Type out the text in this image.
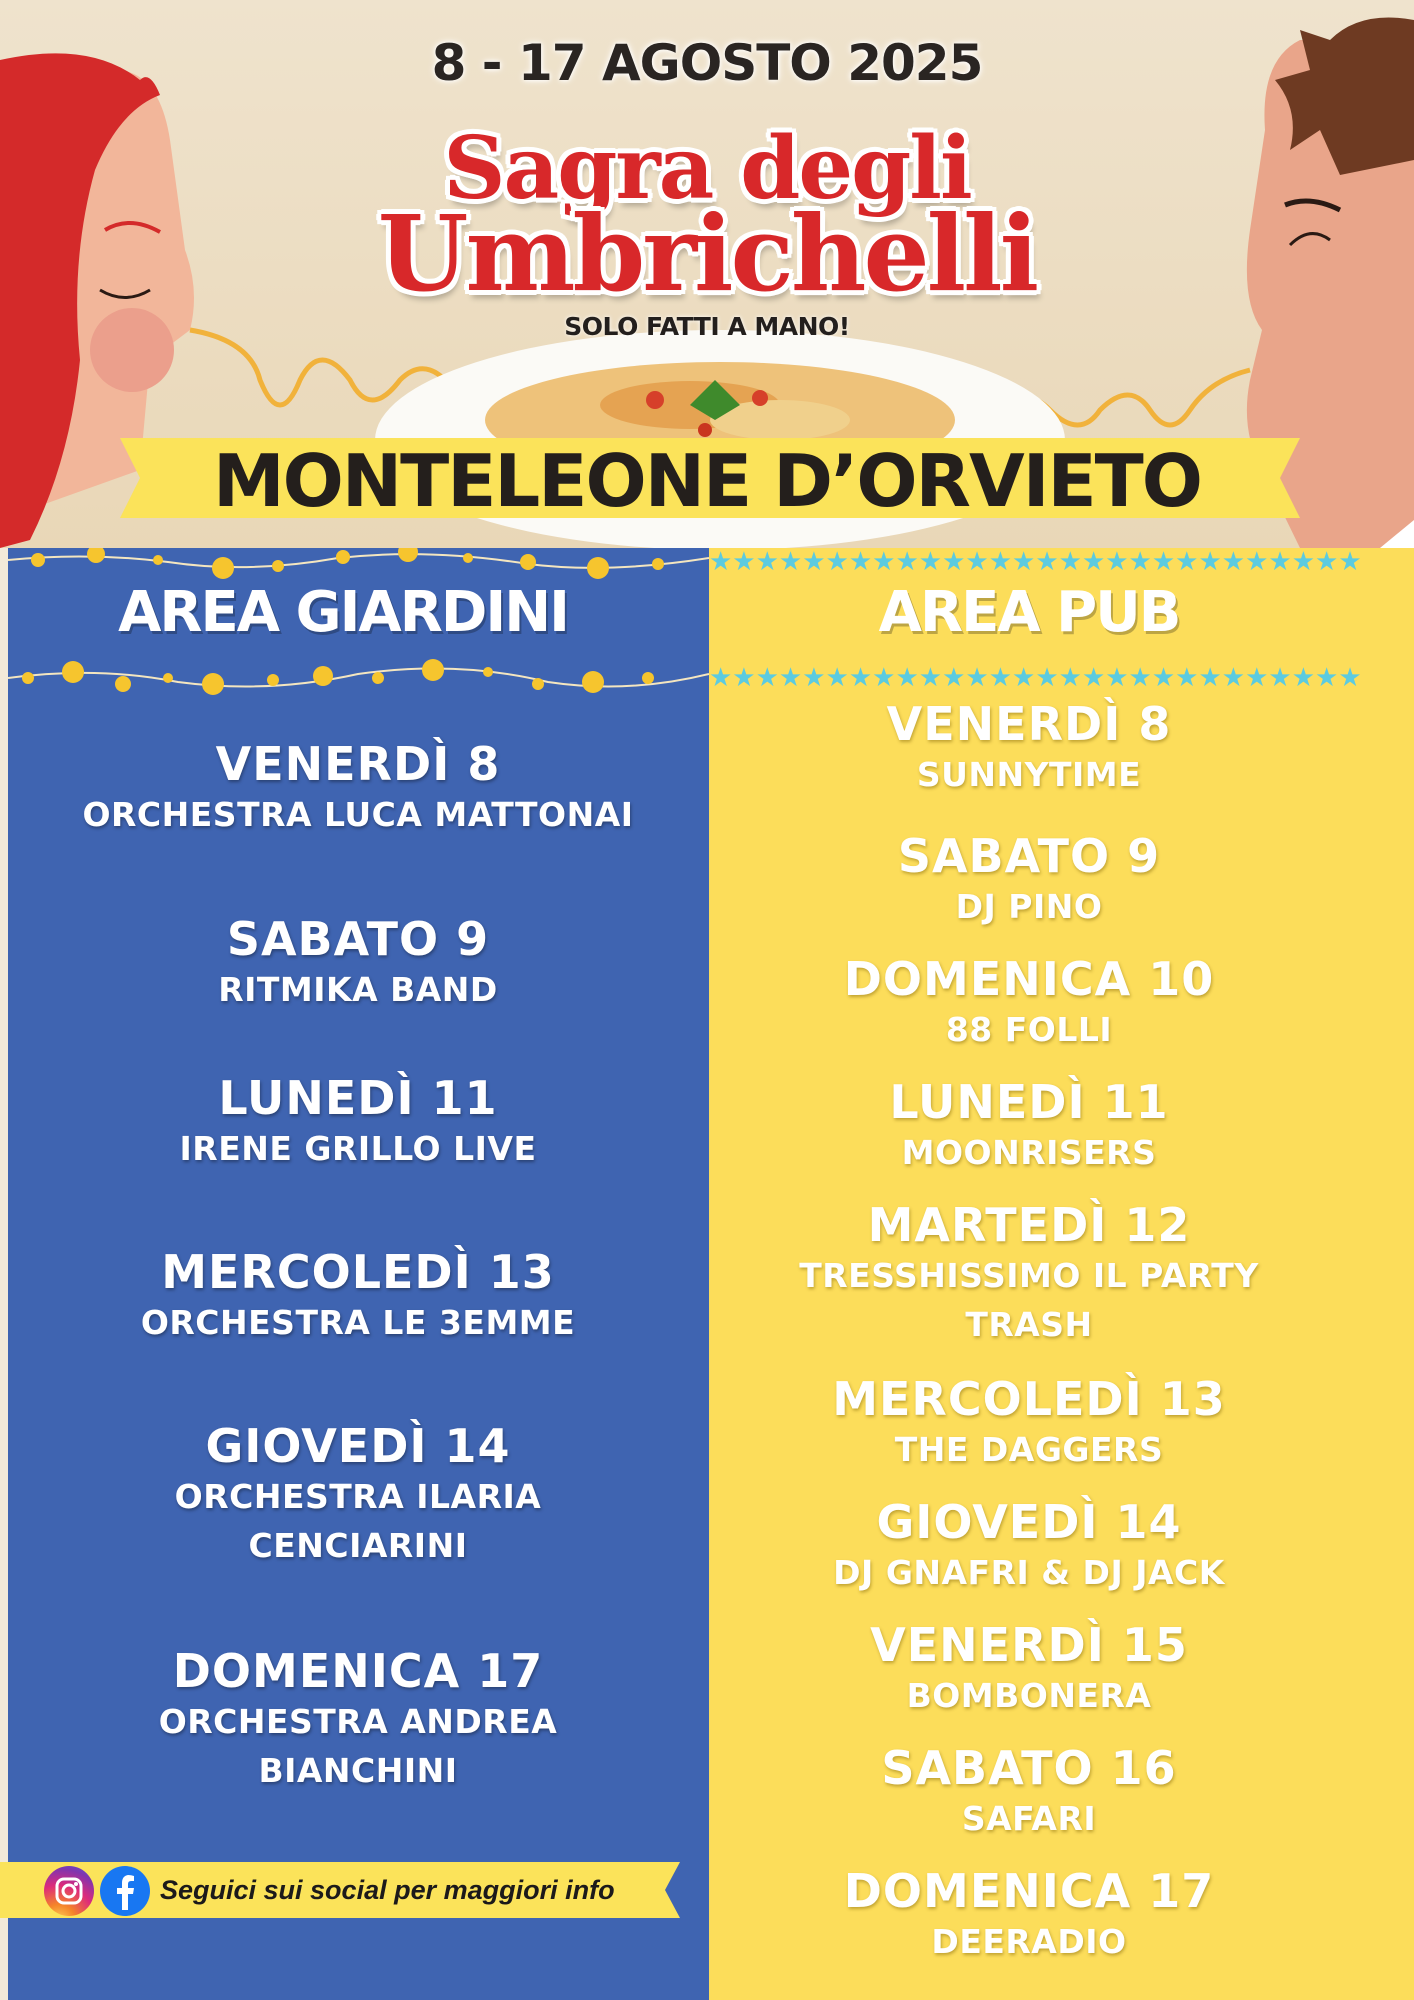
8 - 17 AGOSTO 2025
Sagra degli
Umbrichelli
SOLO FATTI A MANO!
MONTELEONE D’ORVIETO
AREA GIARDINI
VENERDÌ 8
ORCHESTRA LUCA MATTONAI
SABATO 9
RITMIKA BAND
LUNEDÌ 11
IRENE GRILLO LIVE
MERCOLEDÌ 13
ORCHESTRA LE 3EMME
GIOVEDÌ 14
ORCHESTRA ILARIA
CENCIARINI
DOMENICA 17
ORCHESTRA ANDREA
BIANCHINI
★★★★★★★★★★★★★★★★★★★★★★★★★★★★
★★★★★★★★★★★★★★★★★★★★★★★★★★★★
AREA PUB
VENERDÌ 8
SUNNYTIME
SABATO 9
DJ PINO
DOMENICA 10
88 FOLLI
LUNEDÌ 11
MOONRISERS
MARTEDÌ 12
TRESSHISSIMO IL PARTY
TRASH
MERCOLEDÌ 13
THE DAGGERS
GIOVEDÌ 14
DJ GNAFRI & DJ JACK
VENERDÌ 15
BOMBONERA
SABATO 16
SAFARI
DOMENICA 17
DEERADIO
Seguici sui social per maggiori info
